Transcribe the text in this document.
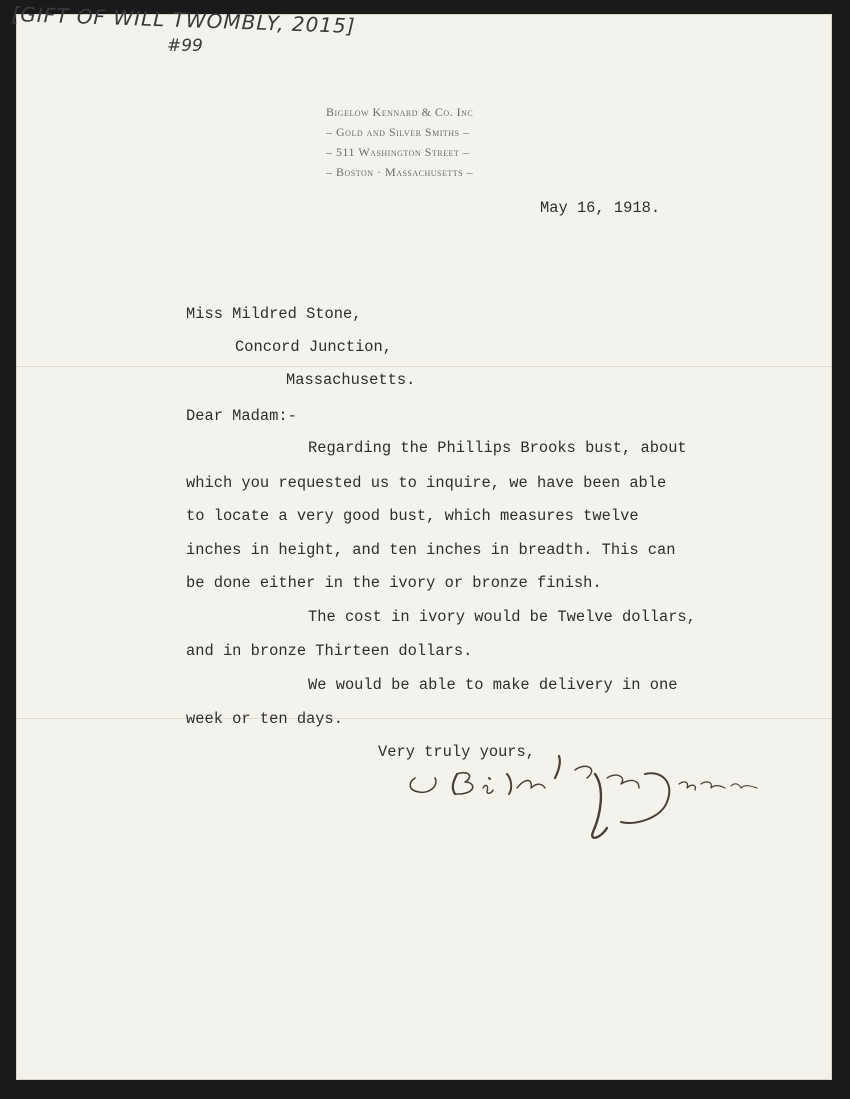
[GIFT OF WILL TWOMBLY, 2015]
#99
Bigelow Kennard & Co. Inc
– Gold and Silver Smiths –
– 511 Washington Street –
– Boston · Massachusetts –
May 16, 1918.
Miss Mildred Stone,
Concord Junction,
Massachusetts.
Dear Madam:-
Regarding the Phillips Brooks bust, about
which you requested us to inquire, we have been able
to locate a very good bust, which measures twelve
inches in height, and ten inches in breadth. This can
be done either in the ivory or bronze finish.
The cost in ivory would be Twelve dollars,
and in bronze Thirteen dollars.
We would be able to make delivery in one
week or ten days.
Very truly yours,
